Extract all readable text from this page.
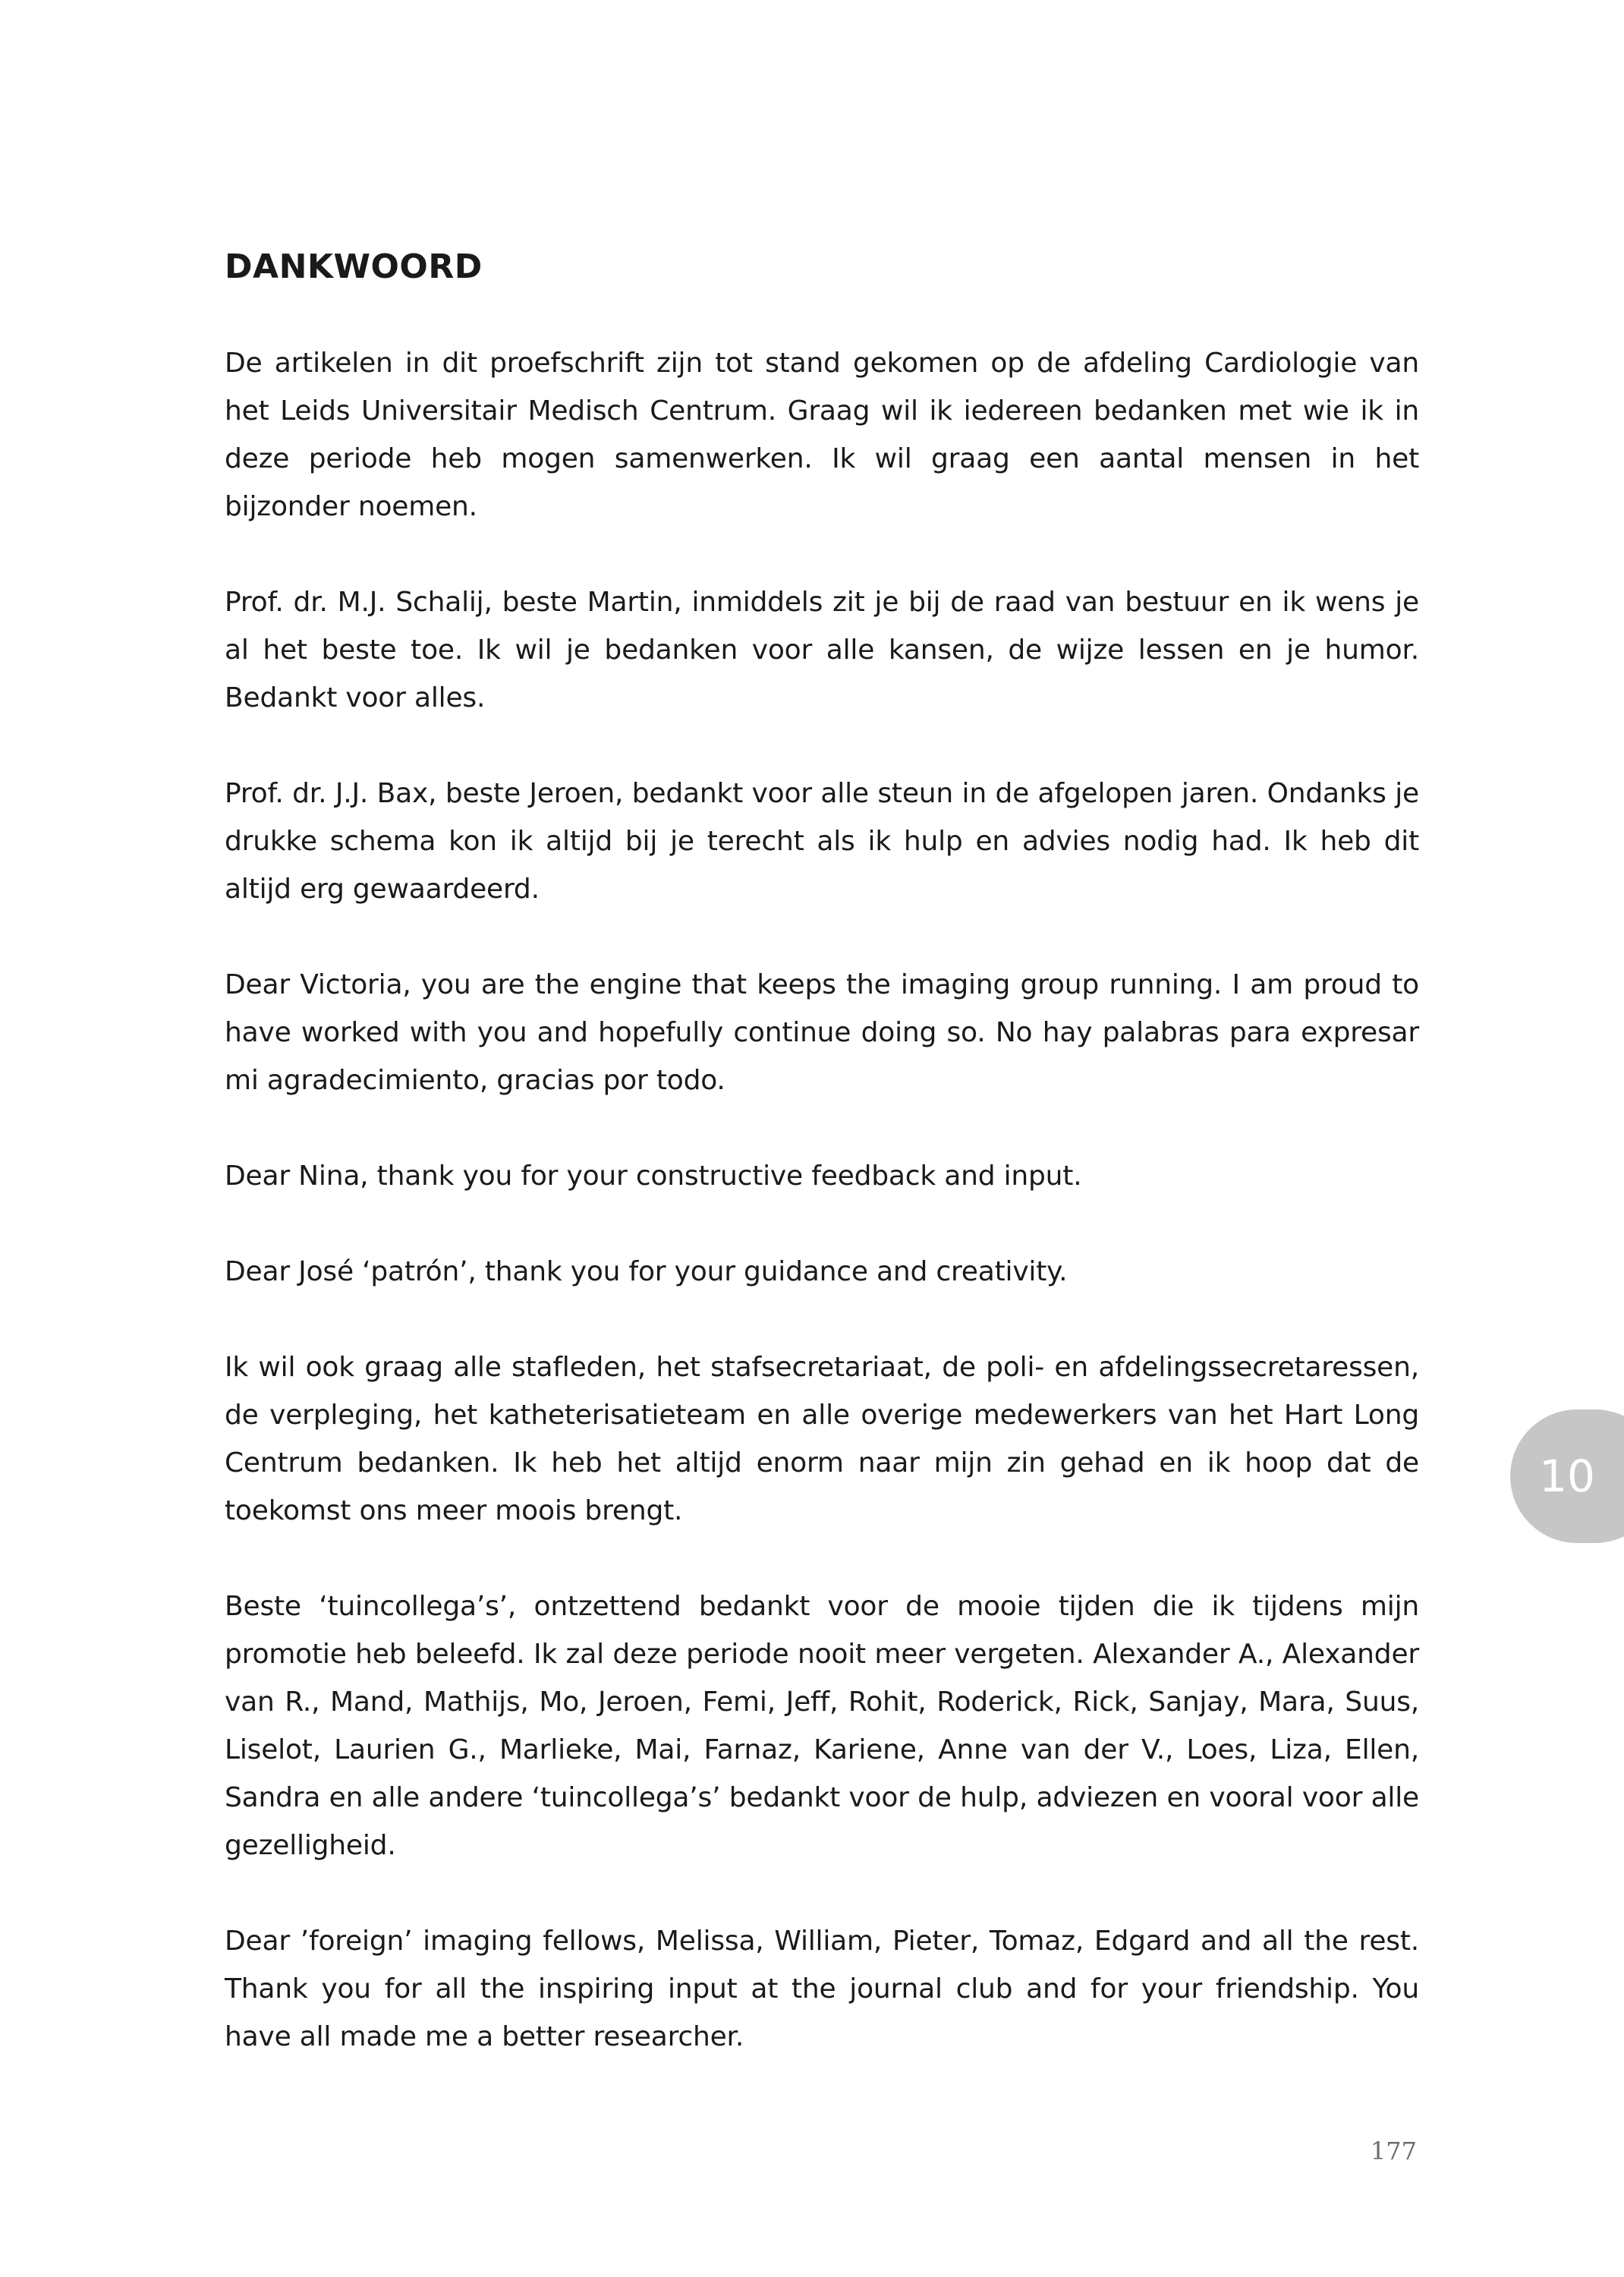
DANKWOORD

De artikelen in dit proefschrift zijn tot stand gekomen op de afdeling Cardiologie van het Leids Universitair Medisch Centrum. Graag wil ik iedereen bedanken met wie ik in deze periode heb mogen samenwerken. Ik wil graag een aantal mensen in het bijzonder noemen.

Prof. dr. M.J. Schalij, beste Martin, inmiddels zit je bij de raad van bestuur en ik wens je al het beste toe. Ik wil je bedanken voor alle kansen, de wijze lessen en je humor. Bedankt voor alles.

Prof. dr. J.J. Bax, beste Jeroen, bedankt voor alle steun in de afgelopen jaren. Ondanks je drukke schema kon ik altijd bij je terecht als ik hulp en advies nodig had. Ik heb dit altijd erg gewaardeerd.

Dear Victoria, you are the engine that keeps the imaging group running. I am proud to have worked with you and hopefully continue doing so. No hay palabras para expresar mi agradecimiento, gracias por todo.

Dear Nina, thank you for your constructive feedback and input.

Dear José ‘patrón’, thank you for your guidance and creativity.

Ik wil ook graag alle stafleden, het stafsecretariaat, de poli- en afdelingssecretaressen, de verpleging, het katheterisatieteam en alle overige medewerkers van het Hart Long Centrum bedanken. Ik heb het altijd enorm naar mijn zin gehad en ik hoop dat de toekomst ons meer moois brengt.

Beste ‘tuincollega’s’, ontzettend bedankt voor de mooie tijden die ik tijdens mijn promotie heb beleefd. Ik zal deze periode nooit meer vergeten. Alexander A., Alexander van R., Mand, Mathijs, Mo, Jeroen, Femi, Jeff, Rohit, Roderick, Rick, Sanjay, Mara, Suus, Liselot, Laurien G., Marlieke, Mai, Farnaz, Kariene, Anne van der V., Loes, Liza, Ellen, Sandra en alle andere ‘tuincollega’s’ bedankt voor de hulp, adviezen en vooral voor alle gezelligheid.

Dear ’foreign’ imaging fellows, Melissa, William, Pieter, Tomaz, Edgard and all the rest. Thank you for all the inspiring input at the journal club and for your friendship. You have all made me a better researcher.

10
177
